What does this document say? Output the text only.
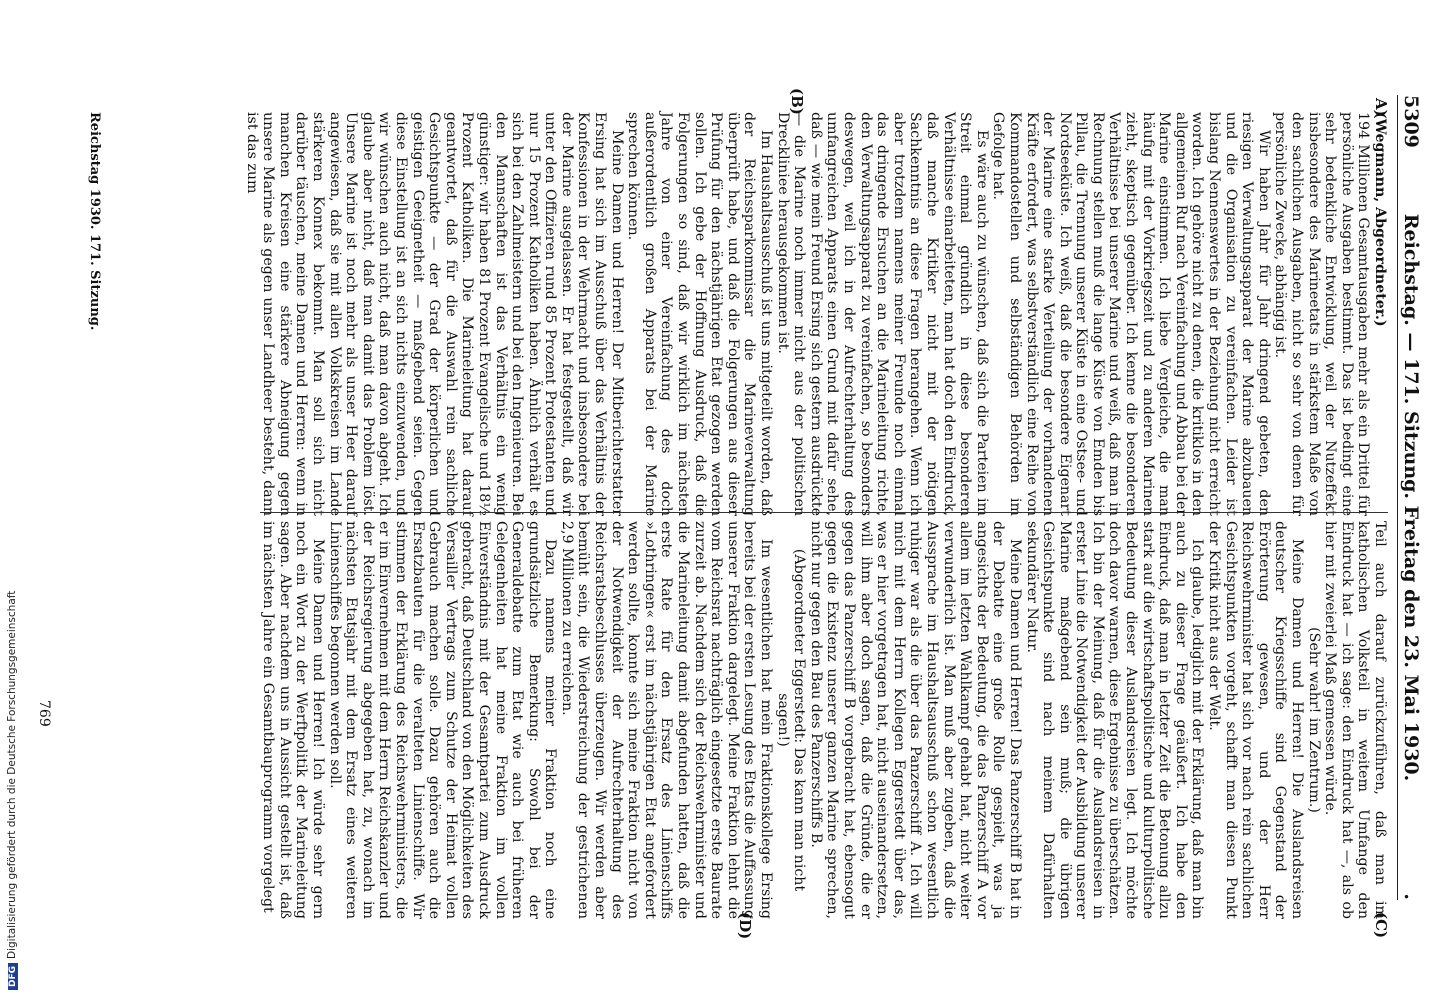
5309
Reichstag. — 171. Sitzung. Freitag den 23. Mai 1930.
.
A)
(B)
(C)
(D)

(Wegmann, Abgeordneter.)

194 Millionen Gesamtausgaben mehr als ein Drittel für persönliche Ausgaben bestimmt. Das ist bedingt eine sehr bedenkliche Entwicklung, weil der Nutzeffekt insbesondere des Marineetats in stärkstem Maße von den sachlichen Ausgaben, nicht so sehr von denen für persönliche Zwecke, abhängig ist.

Wir haben Jahr für Jahr dringend gebeten, den riesigen Verwaltungsapparat der Marine abzubauen und die Organisation zu vereinfachen. Leider ist bislang Nennenswertes in der Beziehung nicht erreicht worden. Ich gehöre nicht zu denen, die kritiklos in den allgemeinen Ruf nach Vereinfachung und Abbau bei der Marine einstimmen. Ich liebe Vergleiche, die man häufig mit der Vorkriegszeit und zu anderen Marinen zieht, skeptisch gegenüber. Ich kenne die besonderen Verhältnisse bei unserer Marine und weiß, daß man in Rechnung stellen muß die lange Küste von Emden bis Pillau, die Trennung unserer Küste in eine Ostsee- und Nordseeküste. Ich weiß, daß die besondere Eigenart der Marine eine starke Verteilung der vorhandenen Kräfte erfordert, was selbstverständlich eine Reihe von Kommandostellen und selbständigen Behörden im Gefolge hat.

Es wäre auch zu wünschen, daß sich die Parteien im Streit einmal gründlich in diese besonderen Verhältnisse einarbeiteten, man hat doch den Eindruck, daß manche Kritiker nicht mit der nötigen Sachkenntnis an diese Fragen herangehen. Wenn ich aber trotzdem namens meiner Freunde noch einmal das dringende Ersuchen an die Marineleitung richte, den Verwaltungsapparat zu vereinfachen, so besonders deswegen, weil ich in der Aufrechterhaltung des umfangreichen Apparats einen Grund mit dafür sehe, daß — wie mein Freund Ersing sich gestern ausdrückte — die Marine noch immer nicht aus der politischen Dreckliniee herausgekommen ist.

Im Haushaltsausschuß ist uns mitgeteilt worden, daß der Reichssparkommissar die Marineverwaltung überprüft habe, und daß die Folgerungen aus dieser Prüfung für den nächstjährigen Etat gezogen werden sollen. Ich gebe der Hoffnung Ausdruck, daß die Folgerungen so sind, daß wir wirklich im nächsten Jahre von einer Vereinfachung des doch außerordentlich großen Apparats bei der Marine sprechen können.

Meine Damen und Herren! Der Mitberichterstatter Ersing hat sich im Ausschuß über das Verhältnis der Konfessionen in der Wehrmacht und insbesondere bei der Marine ausgelassen. Er hat festgestellt, daß wir unter den Offizieren rund 85 Prozent Protestanten und nur 15 Prozent Katholiken haben. Ähnlich verhält es sich bei den Zahlmeistern und bei den Ingenieuren. Bei den Mannschaften ist das Verhältnis ein wenig günstiger: wir haben 81 Prozent Evangelische und 18½ Prozent Katholiken. Die Marineleitung hat darauf geantwortet, daß für die Auswahl rein sachliche Gesichtspunkte — der Grad der körperlichen und geistigen Geeignetheit — maßgebend seien. Gegen diese Einstellung ist an sich nichts einzuwenden, und wir wünschen auch nicht, daß man davon abgeht. Ich glaube aber nicht, daß man damit das Problem löst. Unsere Marine ist noch mehr als unser Heer darauf angewiesen, daß sie mit allen Volkskreisen im Lande stärkeren Konnex bekommt. Man soll sich nicht darüber täuschen, meine Damen und Herren: wenn in manchen Kreisen eine stärkere Abneigung gegen unsere Marine als gegen unser Landheer besteht, dann ist das zum

Teil auch darauf zurückzuführen, daß man im katholischen Volksteil in weitem Umfange den Eindruck hat — ich sage: den Eindruck hat —, als ob hier mit zweierlei Maß gemessen würde.

(Sehr wahr! im Zentrum.)

Meine Damen und Herren! Die Auslandsreisen deutscher Kriegsschiffe sind Gegenstand der Erörterung gewesen, und der Herr Reichswehrminister hat sich vor nach rein sachlichen Gesichtspunkten vorgeht, schafft man diesen Punkt der Kritik nicht aus der Welt.

Ich glaube, lediglich mit der Erklärung, daß man bin auch zu dieser Frage geäußert. Ich habe den Eindruck, daß man in letzter Zeit die Betonung allzu stark auf die wirtschaftspolitische und kulturpolitische Bedeutung dieser Auslandsreisen legt. Ich möchte doch davor warnen, diese Ergebnisse zu überschätzen. Ich bin der Meinung, daß für die Auslandsreisen in erster Linie die Notwendigkeit der Ausbildung unserer Marine maßgebend sein muß; die übrigen Gesichtspunkte sind nach meinem Dafürhalten sekundärer Natur.

Meine Damen und Herren! Das Panzerschiff B hat in der Debatte eine große Rolle gespielt, was ja angesichts der Bedeutung, die das Panzerschiff A vor allem im letzten Wahlkampf gehabt hat, nicht weiter verwunderlich ist. Man muß aber zugeben, daß die Aussprache im Haushaltsausschuß schon wesentlich ruhiger war als die über das Panzerschiff A. Ich will mich mit dem Herrn Kollegen Eggerstedt über das, was er hier vorgetragen hat, nicht auseinandersetzen, will ihm aber doch sagen, daß die Gründe, die er gegen das Panzerschiff B vorgebracht hat, ebensogut gegen die Existenz unserer ganzen Marine sprechen, nicht nur gegen den Bau des Panzerschiffs B.

(Abgeordneter Eggerstedt: Das kann man nicht sagen!)

Im wesentlichen hat mein Fraktionskollege Ersing bereits bei der ersten Lesung des Etats die Auffassung unserer Fraktion dargelegt. Meine Fraktion lehnt die vom Reichsrat nachträglich eingesetzte erste Baurate zurzeit ab. Nachdem sich der Reichswehrminister und die Marineleitung damit abgefunden hatten, daß die erste Rate für den Ersatz des Linienschiffs »Lothringen« erst im nächstjährigen Etat angefordert werden sollte, konnte sich meine Fraktion nicht von der Notwendigkeit der Aufrechterhaltung des Reichsratsbeschlusses überzeugen. Wir werden aber bemüht sein, die Wiederstreichung der gestrichenen 2,9 Millionen zu erreichen.

Dazu namens meiner Fraktion noch eine grundsätzliche Bemerkung: Sowohl bei der Generaldebatte zum Etat wie auch bei früheren Gelegenheiten hat meine Fraktion im vollen Einverständnis mit der Gesamtpartei zum Ausdruck gebracht, daß Deutschland von den Möglichkeiten des Versailler Vertrags zum Schutze der Heimat vollen Gebrauch machen solle. Dazu gehören auch die Ersatzbauten für die veralteten Linienschiffe. Wir stimmen der Erklärung des Reichswehrministers, die er im Einvernehmen mit dem Herrn Reichskanzler und der Reichsregierung abgegeben hat, zu, wonach im nächsten Etatsjahr mit dem Ersatz eines weiteren Linienschiffes begonnen werden soll.

Meine Damen und Herren! Ich würde sehr gern noch ein Wort zu der Werftpolitik der Marineleitung sagen. Aber nachdem uns in Aussicht gestellt ist, daß im nächsten Jahre ein Gesamtbauprogramm vorgelegt

Reichstag 1930. 171. Sitzung.
769
DFGDigitalisierung gefördert durch die Deutsche Forschungsgemeinschaft
